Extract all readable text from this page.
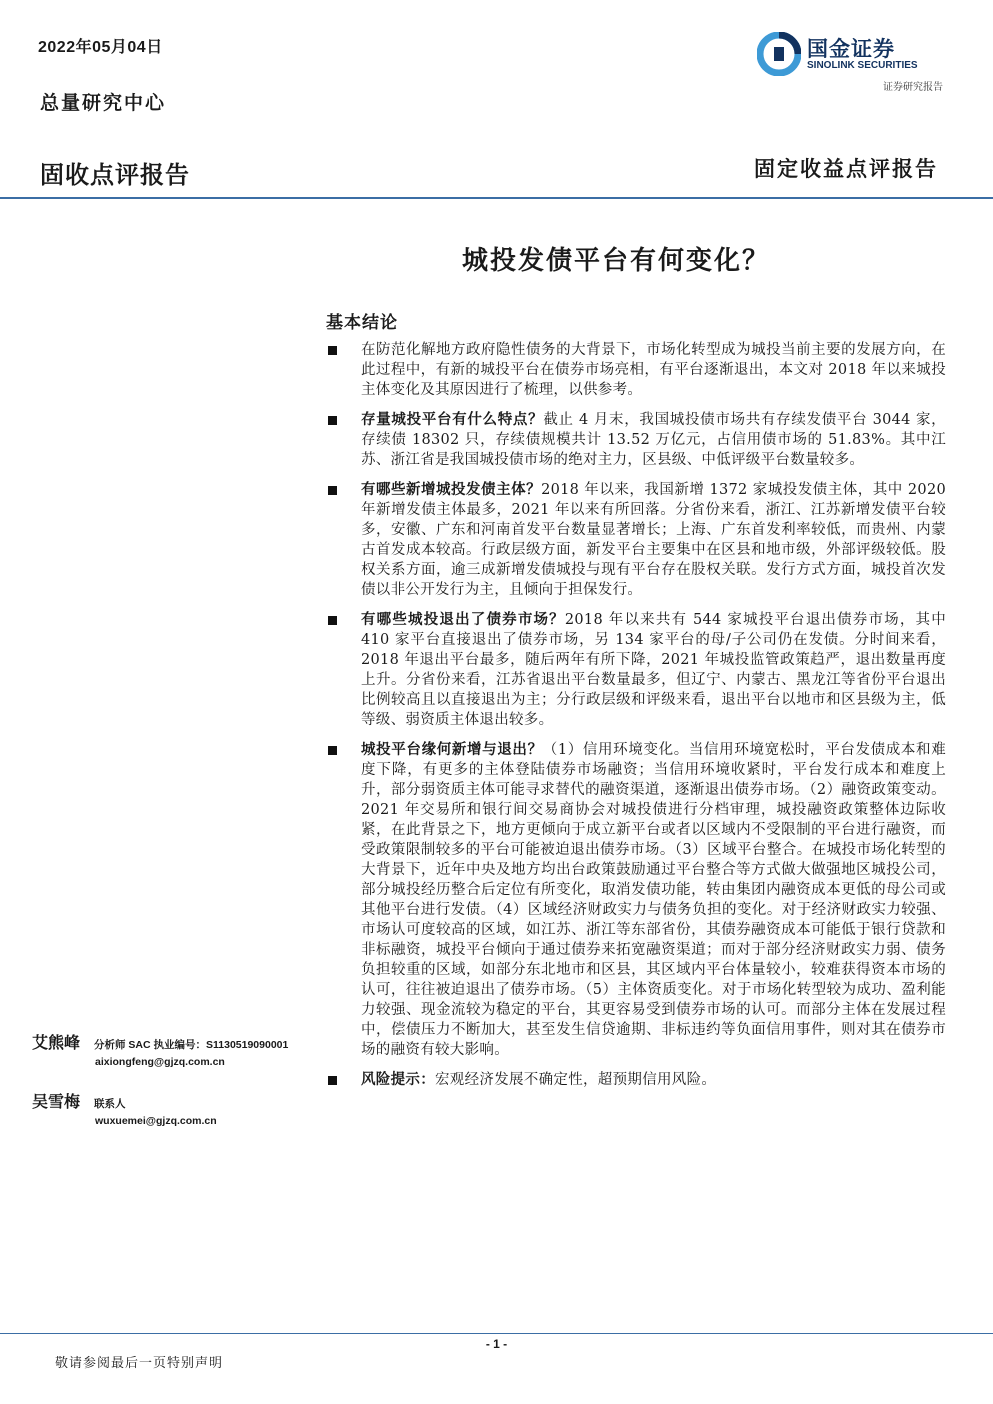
2022年05月04日
总量研究中心
固收点评报告	固定收益点评报告
国金证券
SINOLINK SECURITIES
证券研究报告
城投发债平台有何变化？
基本结论
在防范化解地方政府隐性债务的大背景下，市场化转型成为城投当前主要的发展方向，在此过程中，有新的城投平台在债券市场亮相，有平台逐渐退出，本文对 2018 年以来城投主体变化及其原因进行了梳理，以供参考。
存量城投平台有什么特点？截止 4 月末，我国城投债市场共有存续发债平台 3044 家，存续债 18302 只，存续债规模共计 13.52 万亿元，占信用债市场的 51.83%。其中江苏、浙江省是我国城投债市场的绝对主力，区县级、中低评级平台数量较多。
有哪些新增城投发债主体？2018 年以来，我国新增 1372 家城投发债主体，其中 2020 年新增发债主体最多，2021 年以来有所回落。分省份来看，浙江、江苏新增发债平台较多，安徽、广东和河南首发平台数量显著增长；上海、广东首发利率较低，而贵州、内蒙古首发成本较高。行政层级方面，新发平台主要集中在区县和地市级，外部评级较低。股权关系方面，逾三成新增发债城投与现有平台存在股权关联。发行方式方面，城投首次发债以非公开发行为主，且倾向于担保发行。
有哪些城投退出了债券市场？2018 年以来共有 544 家城投平台退出债券市场，其中 410 家平台直接退出了债券市场，另 134 家平台的母/子公司仍在发债。分时间来看，2018 年退出平台最多，随后两年有所下降，2021 年城投监管政策趋严，退出数量再度上升。分省份来看，江苏省退出平台数量最多，但辽宁、内蒙古、黑龙江等省份平台退出比例较高且以直接退出为主；分行政层级和评级来看，退出平台以地市和区县级为主，低等级、弱资质主体退出较多。
城投平台缘何新增与退出？（1）信用环境变化。当信用环境宽松时，平台发债成本和难度下降，有更多的主体登陆债券市场融资；当信用环境收紧时，平台发行成本和难度上升，部分弱资质主体可能寻求替代的融资渠道，逐渐退出债券市场。（2）融资政策变动。2021 年交易所和银行间交易商协会对城投债进行分档审理，城投融资政策整体边际收紧，在此背景之下，地方更倾向于成立新平台或者以区域内不受限制的平台进行融资，而受政策限制较多的平台可能被迫退出债券市场。（3）区域平台整合。在城投市场化转型的大背景下，近年中央及地方均出台政策鼓励通过平台整合等方式做大做强地区城投公司，部分城投经历整合后定位有所变化，取消发债功能，转由集团内融资成本更低的母公司或其他平台进行发债。（4）区域经济财政实力与债务负担的变化。对于经济财政实力较强、市场认可度较高的区域，如江苏、浙江等东部省份，其债券融资成本可能低于银行贷款和非标融资，城投平台倾向于通过债券来拓宽融资渠道；而对于部分经济财政实力弱、债务负担较重的区域，如部分东北地市和区县，其区域内平台体量较小，较难获得资本市场的认可，往往被迫退出了债券市场。（5）主体资质变化。对于市场化转型较为成功、盈利能力较强、现金流较为稳定的平台，其更容易受到债券市场的认可。而部分主体在发展过程中，偿债压力不断加大，甚至发生信贷逾期、非标违约等负面信用事件，则对其在债券市场的融资有较大影响。
风险提示：宏观经济发展不确定性，超预期信用风险。
艾熊峰 分析师 SAC 执业编号：S1130519090001
aixiongfeng@gjzq.com.cn
吴雪梅 联系人
wuxuemei@gjzq.com.cn
- 1 -
敬请参阅最后一页特别声明
